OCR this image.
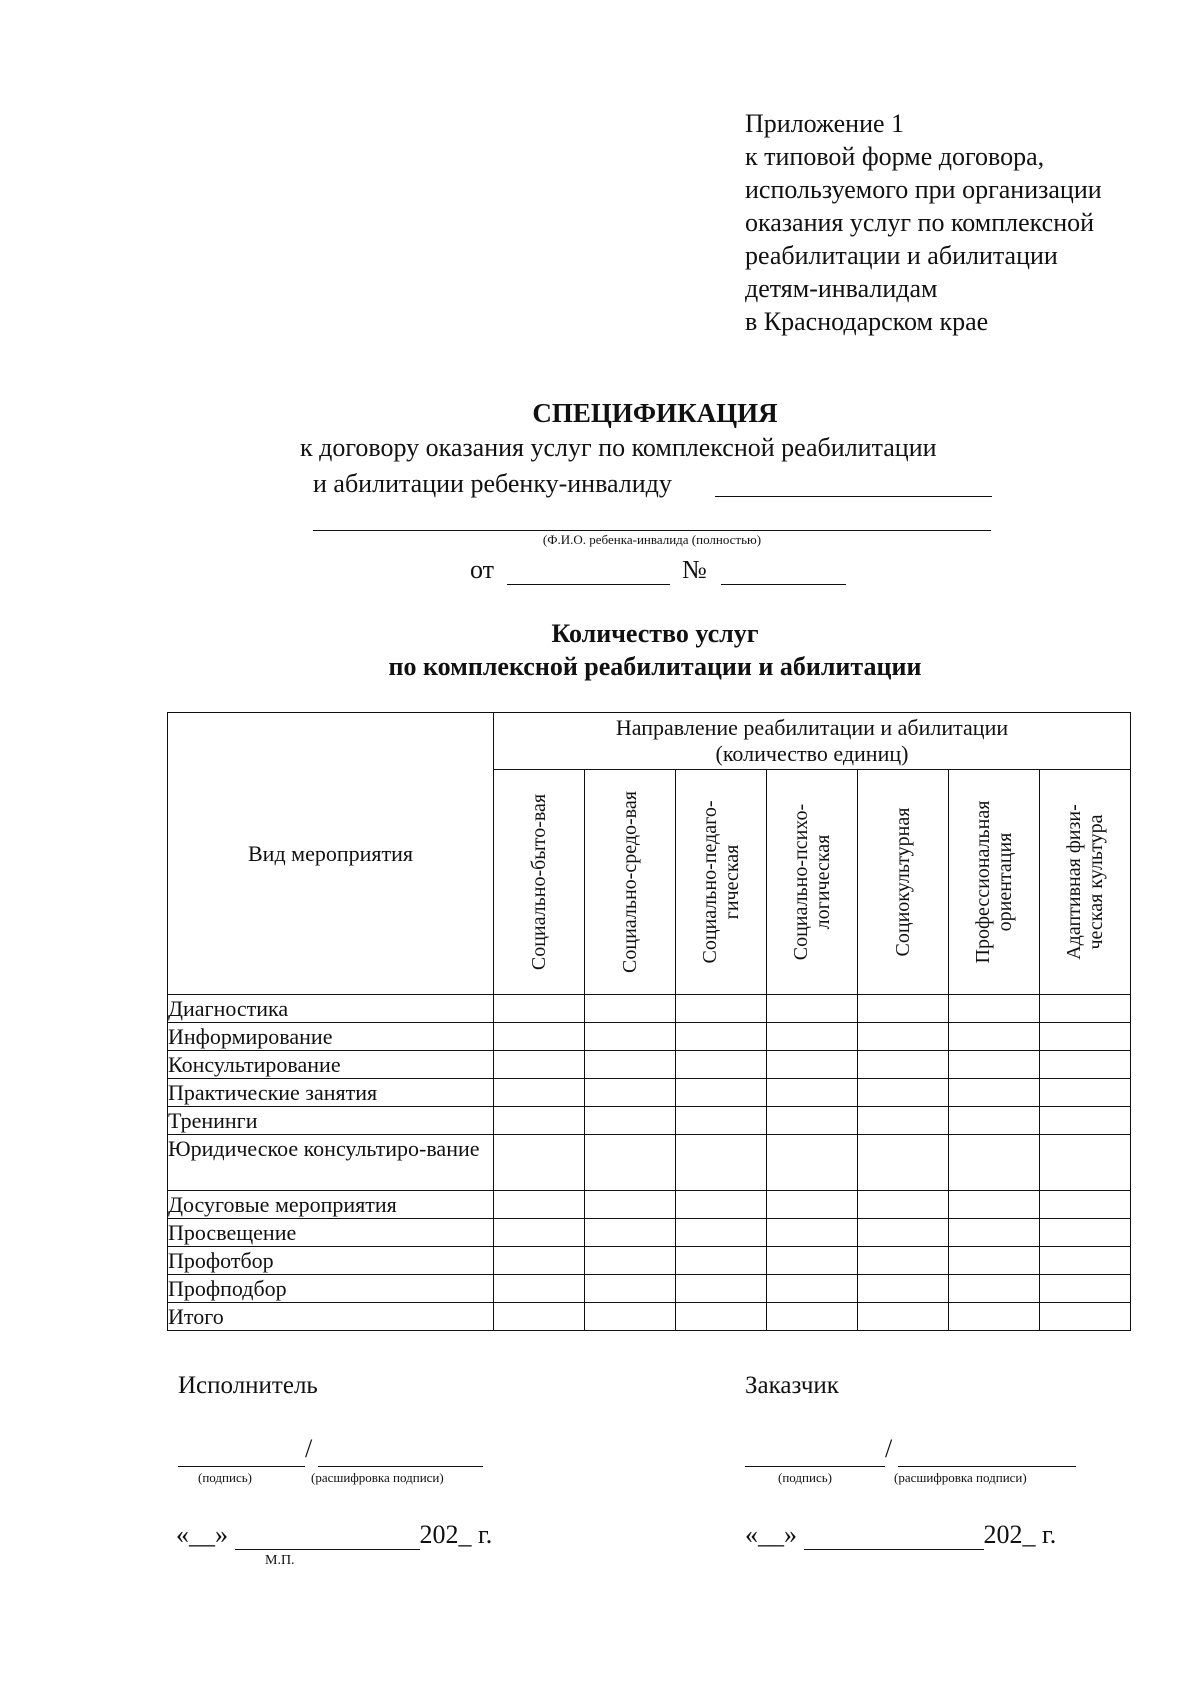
Приложение 1
к типовой форме договора,
используемого при организации
оказания услуг по комплексной
реабилитации и абилитации
детям-инвалидам
в Краснодарском крае
СПЕЦИФИКАЦИЯ
к договору оказания услуг по комплексной реабилитации
и абилитации ребенку-инвалиду
(Ф.И.О. ребенка-инвалида (полностью)
от	№
Количество услуг
по комплексной реабилитации и абилитации
Вид мероприятия	Направление реабилитации и абилитации
(количество единиц)						

	Социально-быто-вая	Социально-средо-вая	Социально-педаго-гическая	Социально-психо-логическая	Социокультурная	Профессиональная ориентация	Адаптивная физи-ческая культура

Диагностика							
Информирование							
Консультирование							
Практические занятия							
Тренинги							
Юридическое консультиро-вание							
Досуговые мероприятия							
Просвещение							
Профотбор							
Профподбор							
Итого							
Исполнитель
/
(подпись)	(расшифровка подписи)
«__»	202_ г.
М.П.
Заказчик
/
(подпись)	(расшифровка подписи)
«__»	202_ г.
